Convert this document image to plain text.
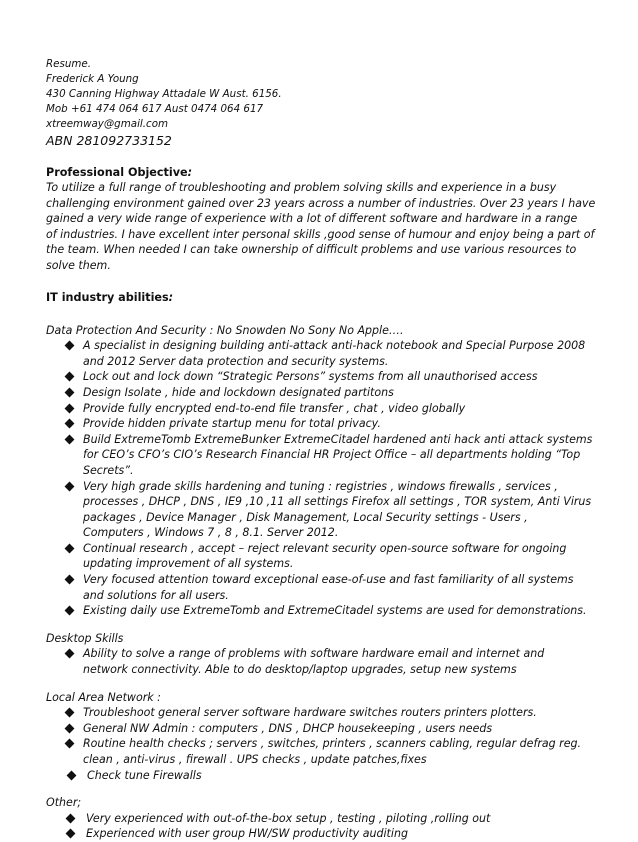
Resume.
Frederick A Young
430 Canning Highway Attadale W Aust. 6156.
Mob +61 474 064 617 Aust 0474 064 617
xtreemway@gmail.com
ABN 281092733152
Professional Objective:
To utilize a full range of troubleshooting and problem solving skills and experience in a busy
challenging environment gained over 23 years across a number of industries. Over 23 years I have
gained a very wide range of experience with a lot of different software and hardware in a range
of industries. I have excellent inter personal skills ,good sense of humour and enjoy being a part of
the team. When needed I can take ownership of difficult problems and use various resources to
solve them.
IT industry abilities:
Data Protection And Security : No Snowden No Sony No Apple….
A specialist in designing building anti-attack anti-hack notebook and Special Purpose 2008
and 2012 Server data protection and security systems.
Lock out and lock down “Strategic Persons” systems from all unauthorised access
Design Isolate , hide and lockdown designated partitons
Provide fully encrypted end-to-end file transfer , chat , video globally
Provide hidden private startup menu for total privacy.
Build ExtremeTomb ExtremeBunker ExtremeCitadel hardened anti hack anti attack systems
for CEO’s CFO’s CIO’s Research Financial HR Project Office – all departments holding “Top
Secrets”.
Very high grade skills hardening and tuning : registries , windows firewalls , services ,
processes , DHCP , DNS , IE9 ,10 ,11 all settings Firefox all settings , TOR system, Anti Virus
packages , Device Manager , Disk Management, Local Security settings - Users ,
Computers , Windows 7 , 8 , 8.1. Server 2012.
Continual research , accept – reject relevant security open-source software for ongoing
updating improvement of all systems.
Very focused attention toward exceptional ease-of-use and fast familiarity of all systems
and solutions for all users.
Existing daily use ExtremeTomb and ExtremeCitadel systems are used for demonstrations.
Desktop Skills
Ability to solve a range of problems with software hardware email and internet and
network connectivity. Able to do desktop/laptop upgrades, setup new systems
Local Area Network :
Troubleshoot general server software hardware switches routers printers plotters.
General NW Admin : computers , DNS , DHCP housekeeping , users needs
Routine health checks ; servers , switches, printers , scanners cabling, regular defrag reg.
clean , anti-virus , firewall . UPS checks , update patches,fixes
Check tune Firewalls
Other;
Very experienced with out-of-the-box setup , testing , piloting ,rolling out
Experienced with user group HW/SW productivity auditing
